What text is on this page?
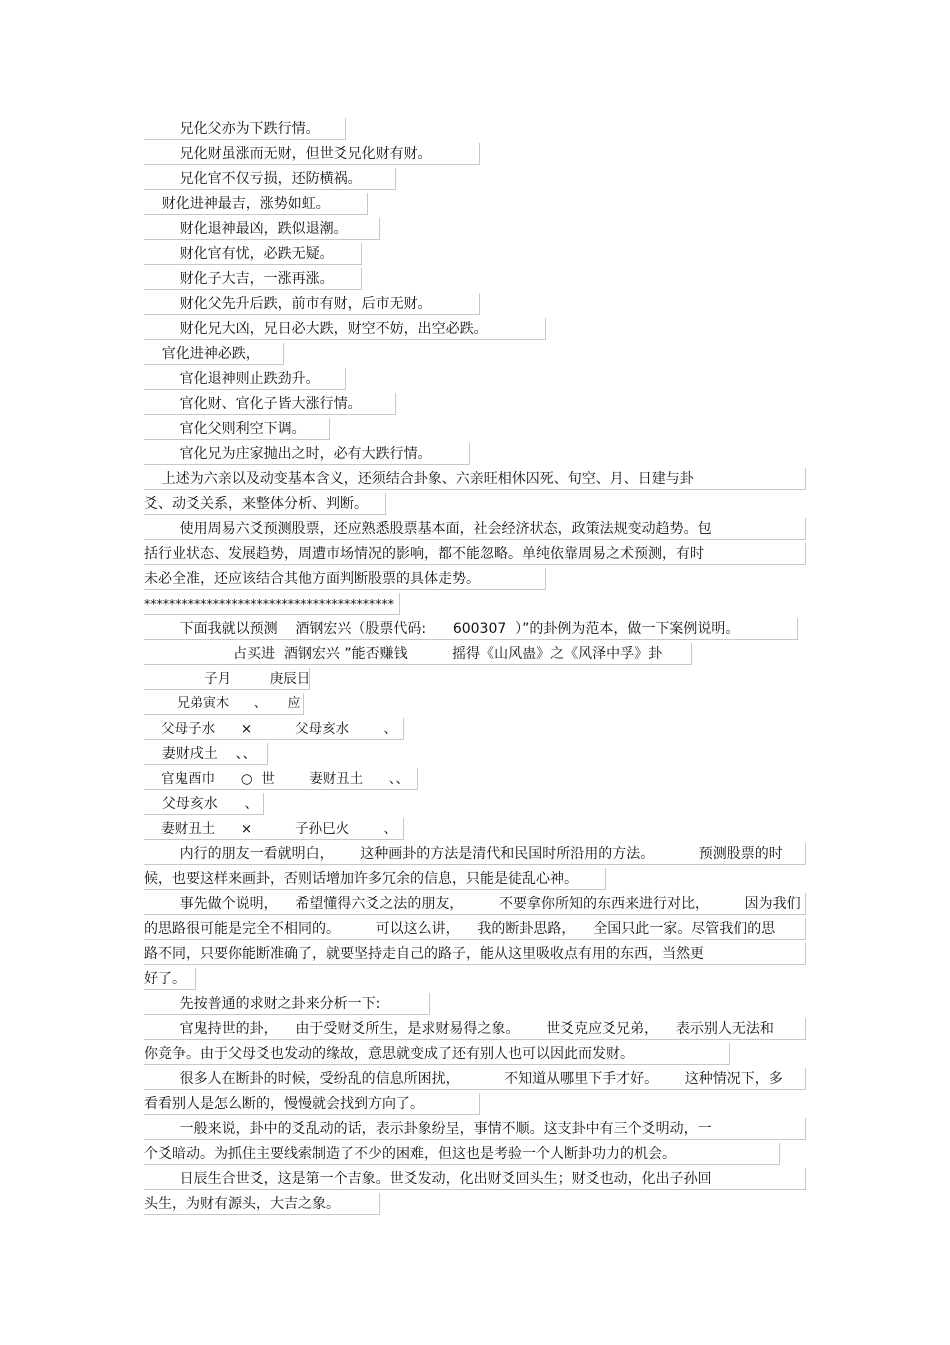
兄化父亦为下跌行情。
兄化财虽涨而无财，但世爻兄化财有财。
兄化官不仅亏损，还防横祸。
财化进神最吉，涨势如虹。
财化退神最凶，跌似退潮。
财化官有忧，必跌无疑。
财化子大吉，一涨再涨。
财化父先升后跌，前市有财，后市无财。
财化兄大凶，兄日必大跌，财空不妨，出空必跌。
官化进神必跌，
官化退神则止跌劲升。
官化财、官化子皆大涨行情。
官化父则利空下调。
官化兄为庄家抛出之时，必有大跌行情。
上述为六亲以及动变基本含义，还须结合卦象、六亲旺相休囚死、旬空、月、日建与卦
爻、动爻关系，来整体分析、判断。
使用周易六爻预测股票，还应熟悉股票基本面，社会经济状态，政策法规变动趋势。包
括行业状态、发展趋势，周遭市场情况的影响，都不能忽略。单纯依靠周易之术预测，有时
未必全准，还应该结合其他方面判断股票的具体走势。
****************************************
下面我就以预测    酒钢宏兴（股票代码:      600307  ）”的卦例为范本，做一下案例说明。
占买进  酒钢宏兴 ”能否赚钱          摇得《山风蛊》之《风泽中孚》卦
子月         庚辰日
兄弟寅木      、     应
父母子水      ×          父母亥水        、
妻财戌土    、、
官鬼酉巾      ○  世        妻财丑土      、、
父母亥水      、
妻财丑土      ×          子孙巳火        、
内行的朋友一看就明白，      这种画卦的方法是清代和民国时所沿用的方法。          预测股票的时
候，也要这样来画卦，否则话增加许多冗余的信息，只能是徒乱心神。
事先做个说明，    希望懂得六爻之法的朋友，        不要拿你所知的东西来进行对比，        因为我们
的思路很可能是完全不相同的。        可以这么讲，    我的断卦思路，    全国只此一家。尽管我们的思
路不同，只要你能断准确了，就要坚持走自己的路子，能从这里吸收点有用的东西，当然更
好了。
先按普通的求财之卦来分析一下:
官鬼持世的卦，    由于受财爻所生，是求财易得之象。      世爻克应爻兄弟，    表示别人无法和
你竞争。由于父母爻也发动的缘故，意思就变成了还有别人也可以因此而发财。
很多人在断卦的时候，受纷乱的信息所困扰，          不知道从哪里下手才好。      这种情况下，多
看看别人是怎么断的，慢慢就会找到方向了。
一般来说，卦中的爻乱动的话，表示卦象纷呈，事情不顺。这支卦中有三个爻明动，一
个爻暗动。为抓住主要线索制造了不少的困难，但这也是考验一个人断卦功力的机会。
日辰生合世爻，这是第一个吉象。世爻发动，化出财爻回头生；财爻也动，化出子孙回
头生，为财有源头，大吉之象。
